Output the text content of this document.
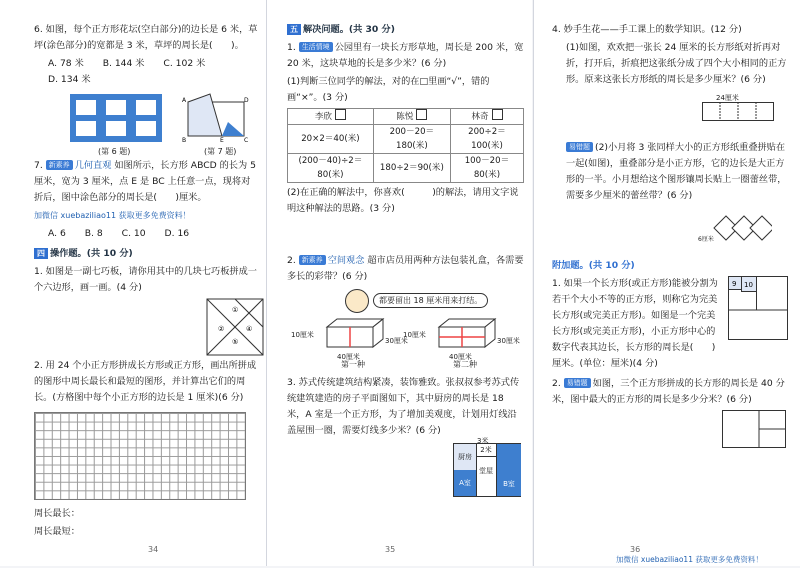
6. 如图，每个正方形花坛(空白部分)的边长是 6 米，草坪(涂色部分)的宽都是 3 米，草坪的周长是(　　)。
A. 78 米 B. 144 米 C. 102 米 D. 134 米
(第 6 题)
A	D
B	C
E
(第 7 题)
7. 新素养 几何直观 如图所示，长方形 ABCD 的长为 5 厘米，宽为 3 厘米，点 E 是 BC 上任意一点，现将对折后，图中涂色部分的周长是(　　)厘米。
加微信 xuebaziliao11 获取更多免费资料！
A. 6 B. 8 C. 10 D. 16
四 操作题。(共 10 分)
1. 如图是一副七巧板，请你用其中的几块七巧板拼成一个六边形，画一画。(4 分)
②
①
④
⑤
2. 用 24 个小正方形拼成长方形或正方形，画出所拼成的图形中周长最长和最短的图形，并计算出它们的周长。(方格图中每个小正方形的边长是 1 厘米)(6 分)
周长最长：
周长最短：
34
五 解决问题。(共 30 分)
1. 生活情境 公园里有一块长方形草地，周长是 200 米，宽 20 米，这块草地的长是多少米？(6 分)
(1)判断三位同学的解法，对的在□里画“√”，错的画“×”。(3 分)
李欣	陈悦	林奇
20×2＝40(米)	200－20＝180(米)	200÷2＝100(米)
(200－40)÷2＝80(米)	180÷2＝90(米)	100－20＝80(米)
(2)在正确的解法中，你喜欢(　　　)的解法，请用文字说明这种解法的思路。(3 分)
2. 新素养 空间观念 超市店员用两种方法包装礼盒，各需要多长的彩带？(6 分)
都要留出 18 厘米用来打结。
10厘米
30厘米
40厘米
10厘米
30厘米
40厘米
第一种	第二种
3. 苏式传统建筑结构紧凑，装饰雅致。张叔叔参考苏式传统建筑建造的房子平面图如下，其中厨房的周长是 18 米，A 室是一个正方形，为了增加美观度，计划用灯线沿盖屋围一圈，需要灯线多少米？(6 分)
厨房
2米
堂屋
A室	B室
3米
35
4. 妙手生花——手工课上的数学知识。(12 分)
(1)如图，欢欢把一张长 24 厘米的长方形纸对折再对折，打开后，折痕把这张纸分成了四个大小相同的正方形。原来这张长方形纸的周长是多少厘米？(6 分)
24厘米
易错题 (2)小月将 3 张同样大小的正方形纸重叠拼贴在一起(如图)，重叠部分是小正方形，它的边长是大正方形的一半。小月想给这个图形镶周长贴上一圈蕾丝带，需要多少厘米的蕾丝带？(6 分)
6厘米
附加题。(共 10 分)
1. 如果一个长方形(或正方形)能被分割为若干个大小不等的正方形，则称它为完美长方形(或完美正方形)。如图是一个完美长方形(或完美正方形)，小正方形中心的数字代表其边长，长方形的周长是(　　)厘米。(单位：厘米)(4 分)
9 10
2. 易错题 如图，三个正方形拼成的长方形的周长是 40 分米，图中最大的正方形的周长是多少分米？(6 分)
36
加微信 xuebaziliao11 获取更多免费资料！
